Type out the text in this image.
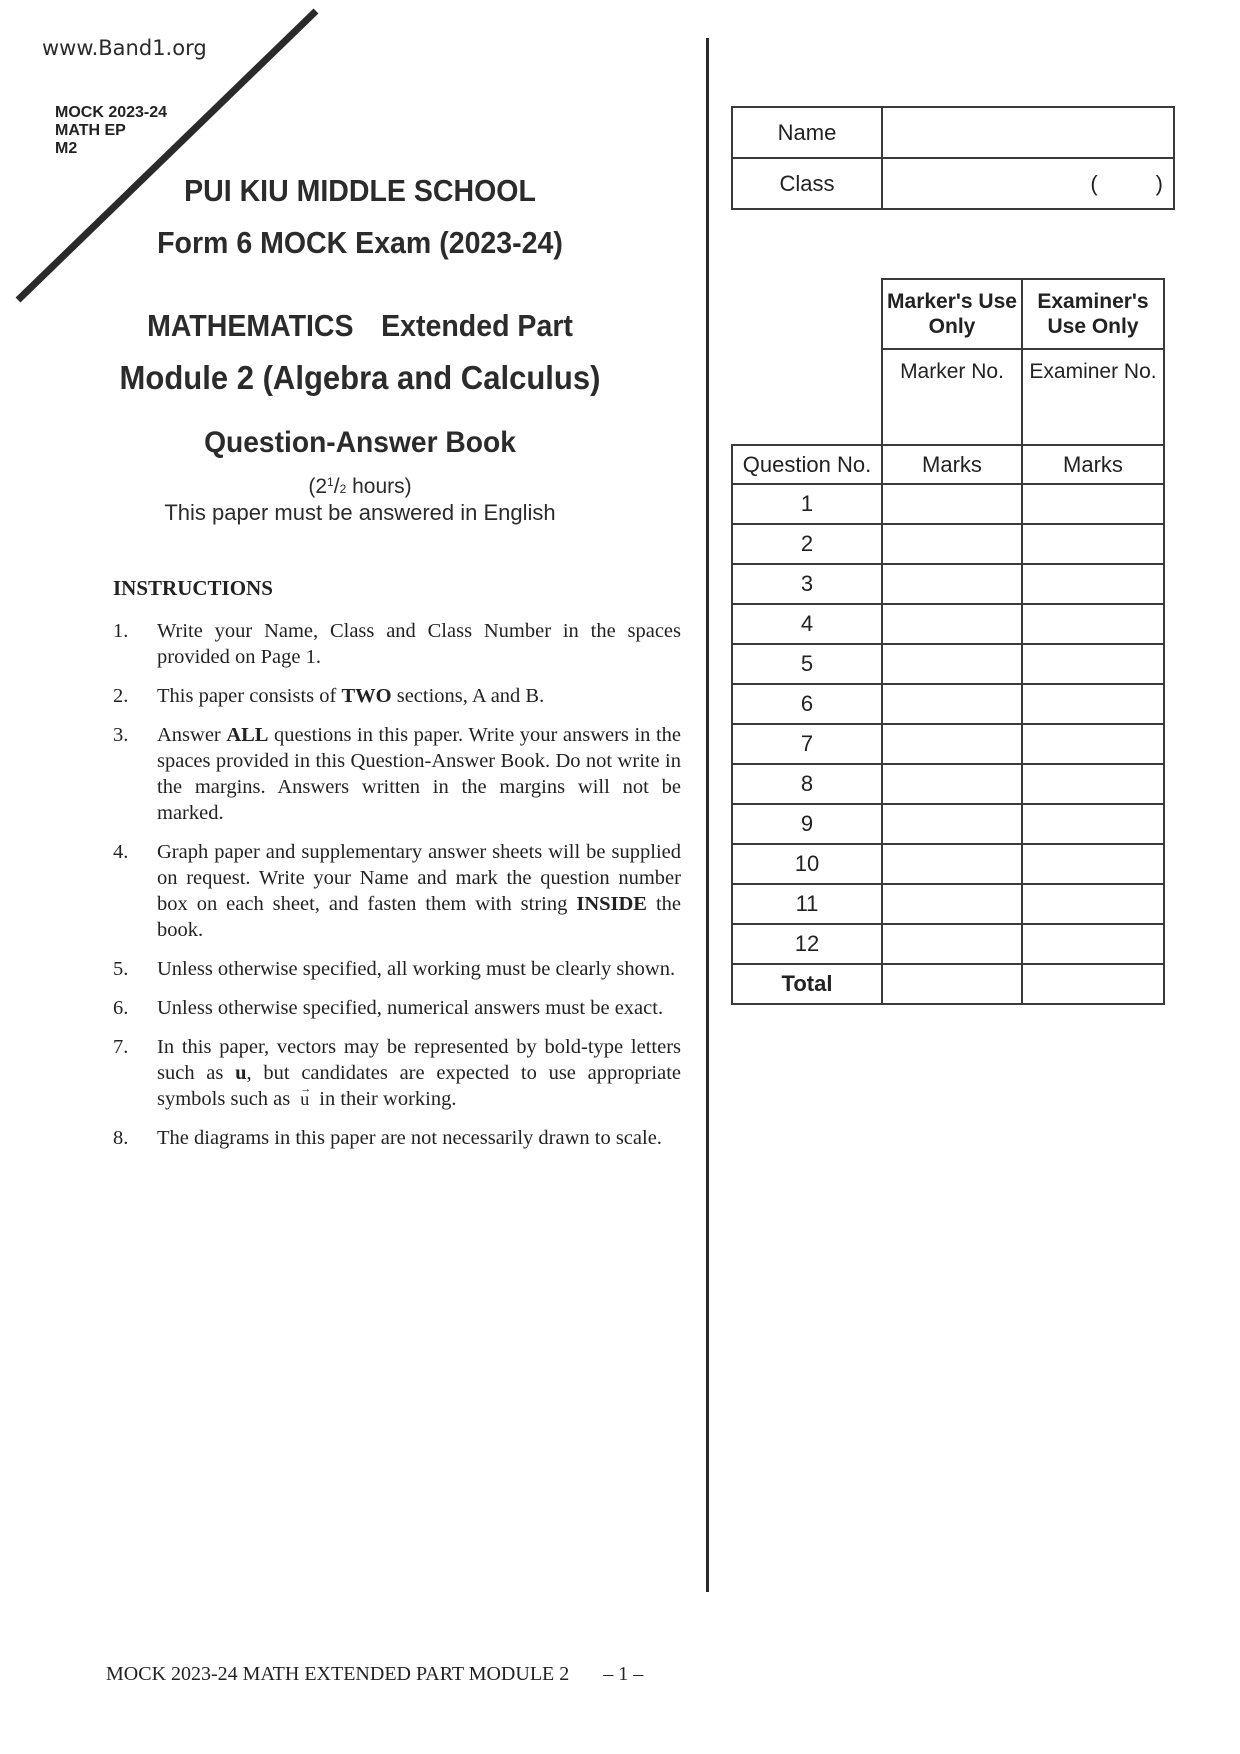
www.Band1.org
MOCK 2023-24
MATH EP
M2
PUI KIU MIDDLE SCHOOL
Form 6 MOCK Exam (2023-24)
MATHEMATICS Extended Part
Module 2 (Algebra and Calculus)
Question-Answer Book
($2^1/2$ hours)
This paper must be answered in English
INSTRUCTIONS
1.	Write your Name, Class and Class Number in the spaces provided on Page 1.
2.	This paper consists of TWO sections, A and B.
3.	Answer ALL questions in this paper. Write your answers in the spaces provided in this Question-Answer Book. Do not write in the margins. Answers written in the margins will not be marked.
4.	Graph paper and supplementary answer sheets will be supplied on request. Write your Name and mark the question number box on each sheet, and fasten them with string INSIDE the book.
5.	Unless otherwise specified, all working must be clearly shown.
6.	Unless otherwise specified, numerical answers must be exact.
7.	In this paper, vectors may be represented by bold-type letters such as u, but candidates are expected to use appropriate symbols such as → u in their working.
8.	The diagrams in this paper are not necessarily drawn to scale.
Name	
Class	( )
	Marker's Use Only	Examiner's Use Only
	Marker No.	Examiner No.
Question No.	Marks	Marks
1		
2		
3		
4		
5		
6		
7		
8		
9		
10		
11		
12		
Total		
MOCK 2023-24 MATH EXTENDED PART MODULE 2 – 1 –
